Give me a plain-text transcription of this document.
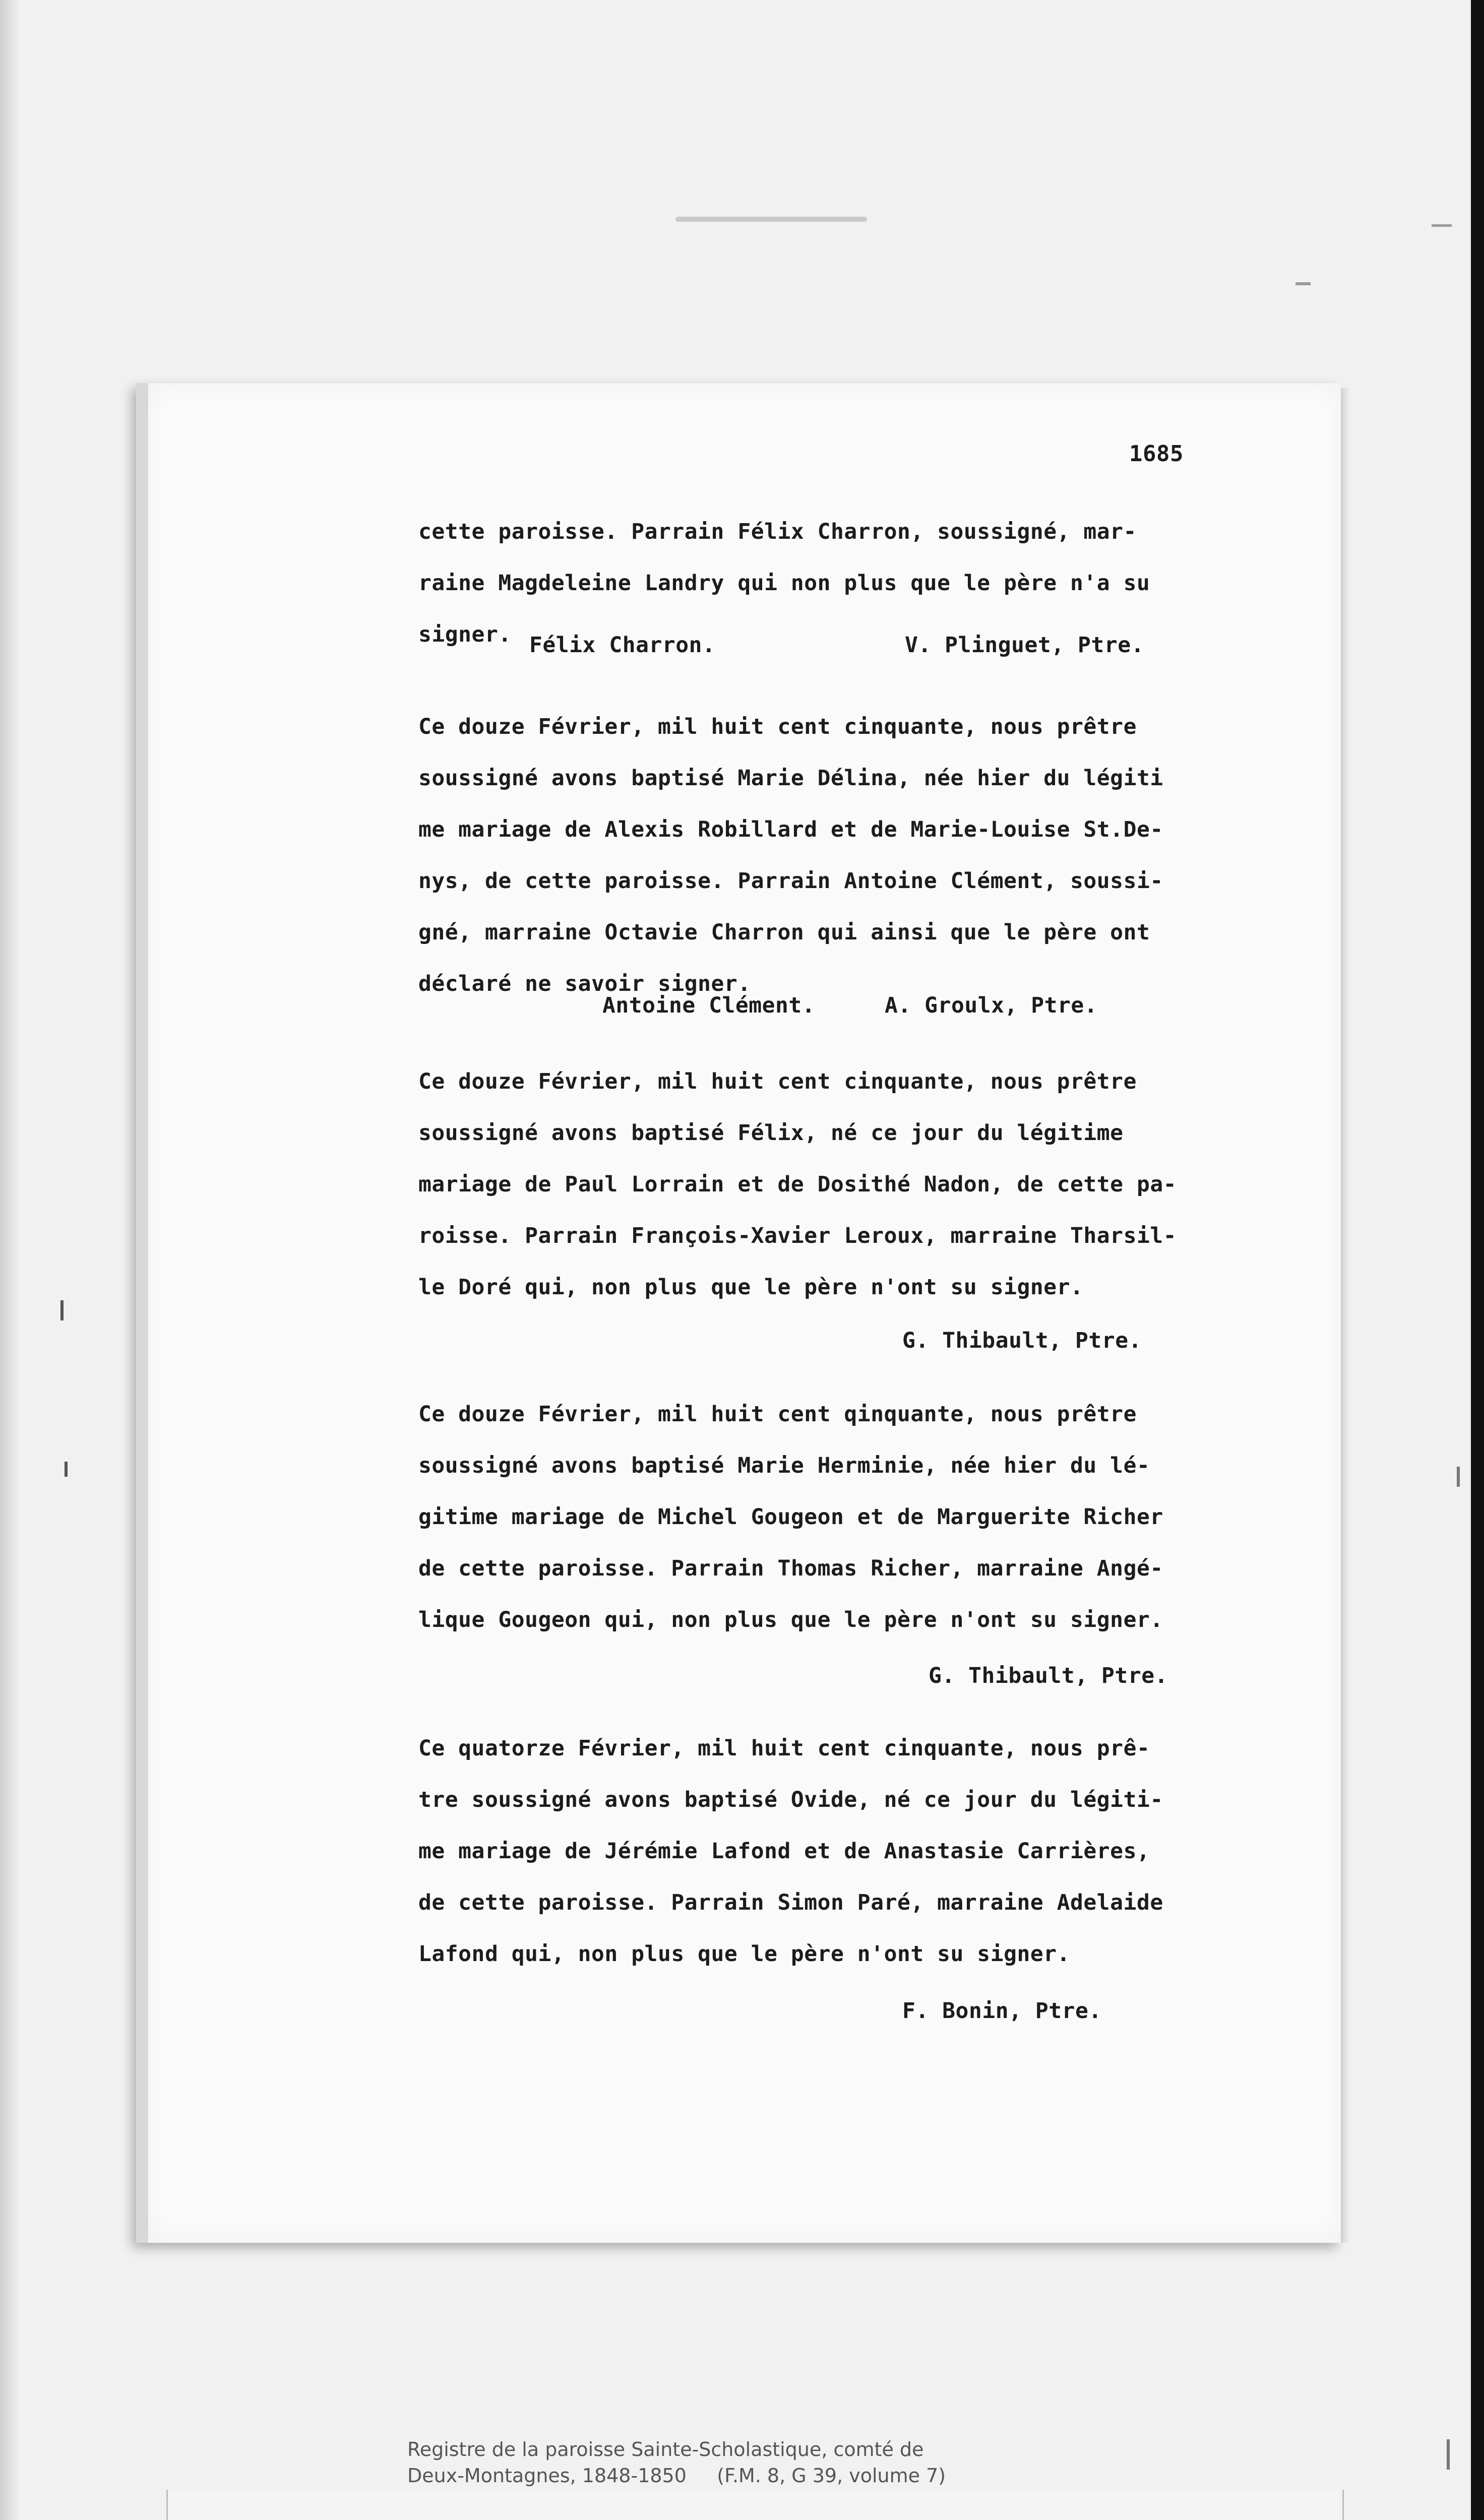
1685
cette paroisse. Parrain Félix Charron, soussigné, mar-
raine Magdeleine Landry qui non plus que le père n'a su
signer. Félix Charron.	V. Plinguet, Ptre.
Ce douze Février, mil huit cent cinquante, nous prêtre
soussigné avons baptisé Marie Délina, née hier du légiti
me mariage de Alexis Robillard et de Marie-Louise St.De-
nys, de cette paroisse. Parrain Antoine Clément, soussi-
gné, marraine Octavie Charron qui ainsi que le père ont
déclaré ne savoir signer.
Antoine Clément.	A. Groulx, Ptre.
Ce douze Février, mil huit cent cinquante, nous prêtre
soussigné avons baptisé Félix, né ce jour du légitime
mariage de Paul Lorrain et de Dosithé Nadon, de cette pa-
roisse. Parrain François-Xavier Leroux, marraine Tharsil-
le Doré qui, non plus que le père n'ont su signer.
G. Thibault, Ptre.
Ce douze Février, mil huit cent qinquante, nous prêtre
soussigné avons baptisé Marie Herminie, née hier du lé-
gitime mariage de Michel Gougeon et de Marguerite Richer
de cette paroisse. Parrain Thomas Richer, marraine Angé-
lique Gougeon qui, non plus que le père n'ont su signer.
G. Thibault, Ptre.
Ce quatorze Février, mil huit cent cinquante, nous prê-
tre soussigné avons baptisé Ovide, né ce jour du légiti-
me mariage de Jérémie Lafond et de Anastasie Carrières,
de cette paroisse. Parrain Simon Paré, marraine Adelaide
Lafond qui, non plus que le père n'ont su signer.
F. Bonin, Ptre.
Registre de la paroisse Sainte-Scholastique, comté de
Deux-Montagnes, 1848-1850     (F.M. 8, G 39, volume 7)
